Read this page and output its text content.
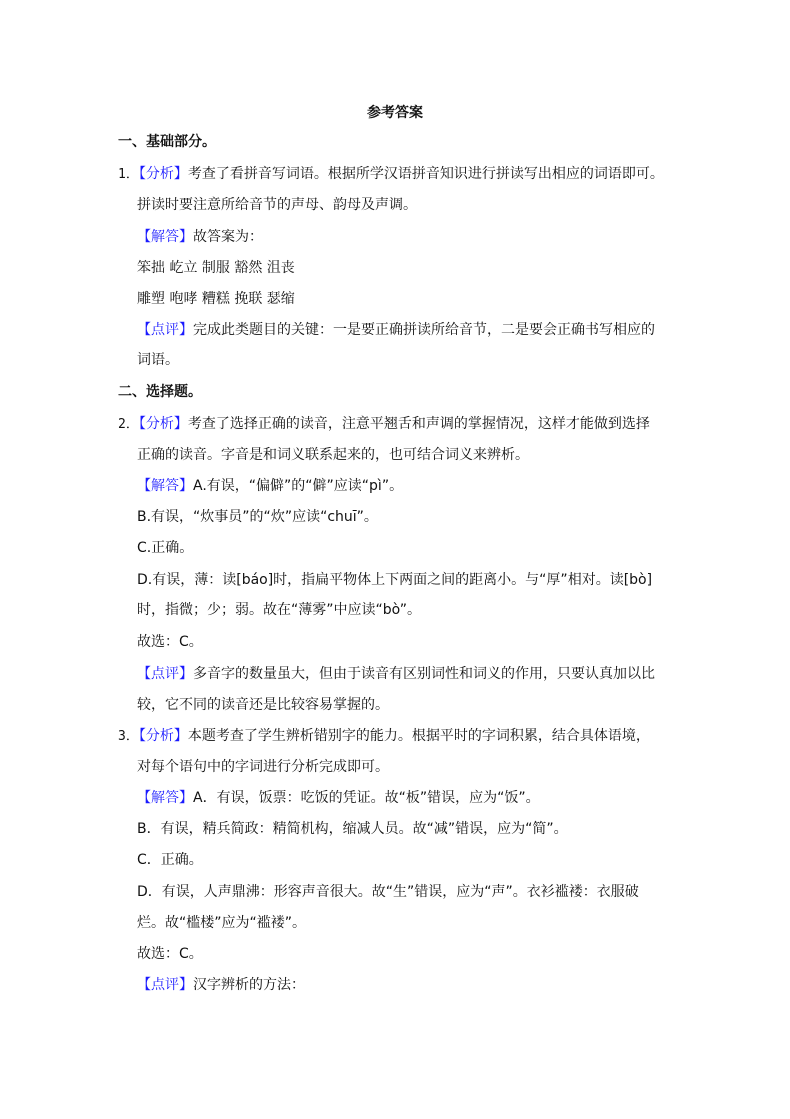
参考答案
一、基础部分。
1．【分析】考查了看拼音写词语。根据所学汉语拼音知识进行拼读写出相应的词语即可。
拼读时要注意所给音节的声母、韵母及声调。
【解答】故答案为：
笨拙 屹立 制服 豁然 沮丧
雕塑 咆哮 糟糕 挽联 瑟缩
【点评】完成此类题目的关键：一是要正确拼读所给音节，二是要会正确书写相应的
词语。
二、选择题。
2．【分析】考查了选择正确的读音，注意平翘舌和声调的掌握情况，这样才能做到选择
正确的读音。字音是和词义联系起来的，也可结合词义来辨析。
【解答】A.有误，“偏僻”的“僻”应读“pì”。
B.有误，“炊事员”的“炊”应读“chuī”。
C.正确。
D.有误，薄：读[báo]时，指扁平物体上下两面之间的距离小。与“厚”相对。读[bò]
时，指微；少；弱。故在“薄雾”中应读“bò”。
故选：C。
【点评】多音字的数量虽大，但由于读音有区别词性和词义的作用，只要认真加以比
较，它不同的读音还是比较容易掌握的。
3．【分析】本题考查了学生辨析错别字的能力。根据平时的字词积累，结合具体语境，
对每个语句中的字词进行分析完成即可。
【解答】A．有误，饭票：吃饭的凭证。故“板”错误，应为“饭”。
B．有误，精兵简政：精简机构，缩减人员。故“减”错误，应为“简”。
C．正确。
D．有误，人声鼎沸：形容声音很大。故“生”错误，应为“声”。衣衫褴褛：衣服破
烂。故“槛楼”应为“褴褛”。
故选：C。
【点评】汉字辨析的方法：
